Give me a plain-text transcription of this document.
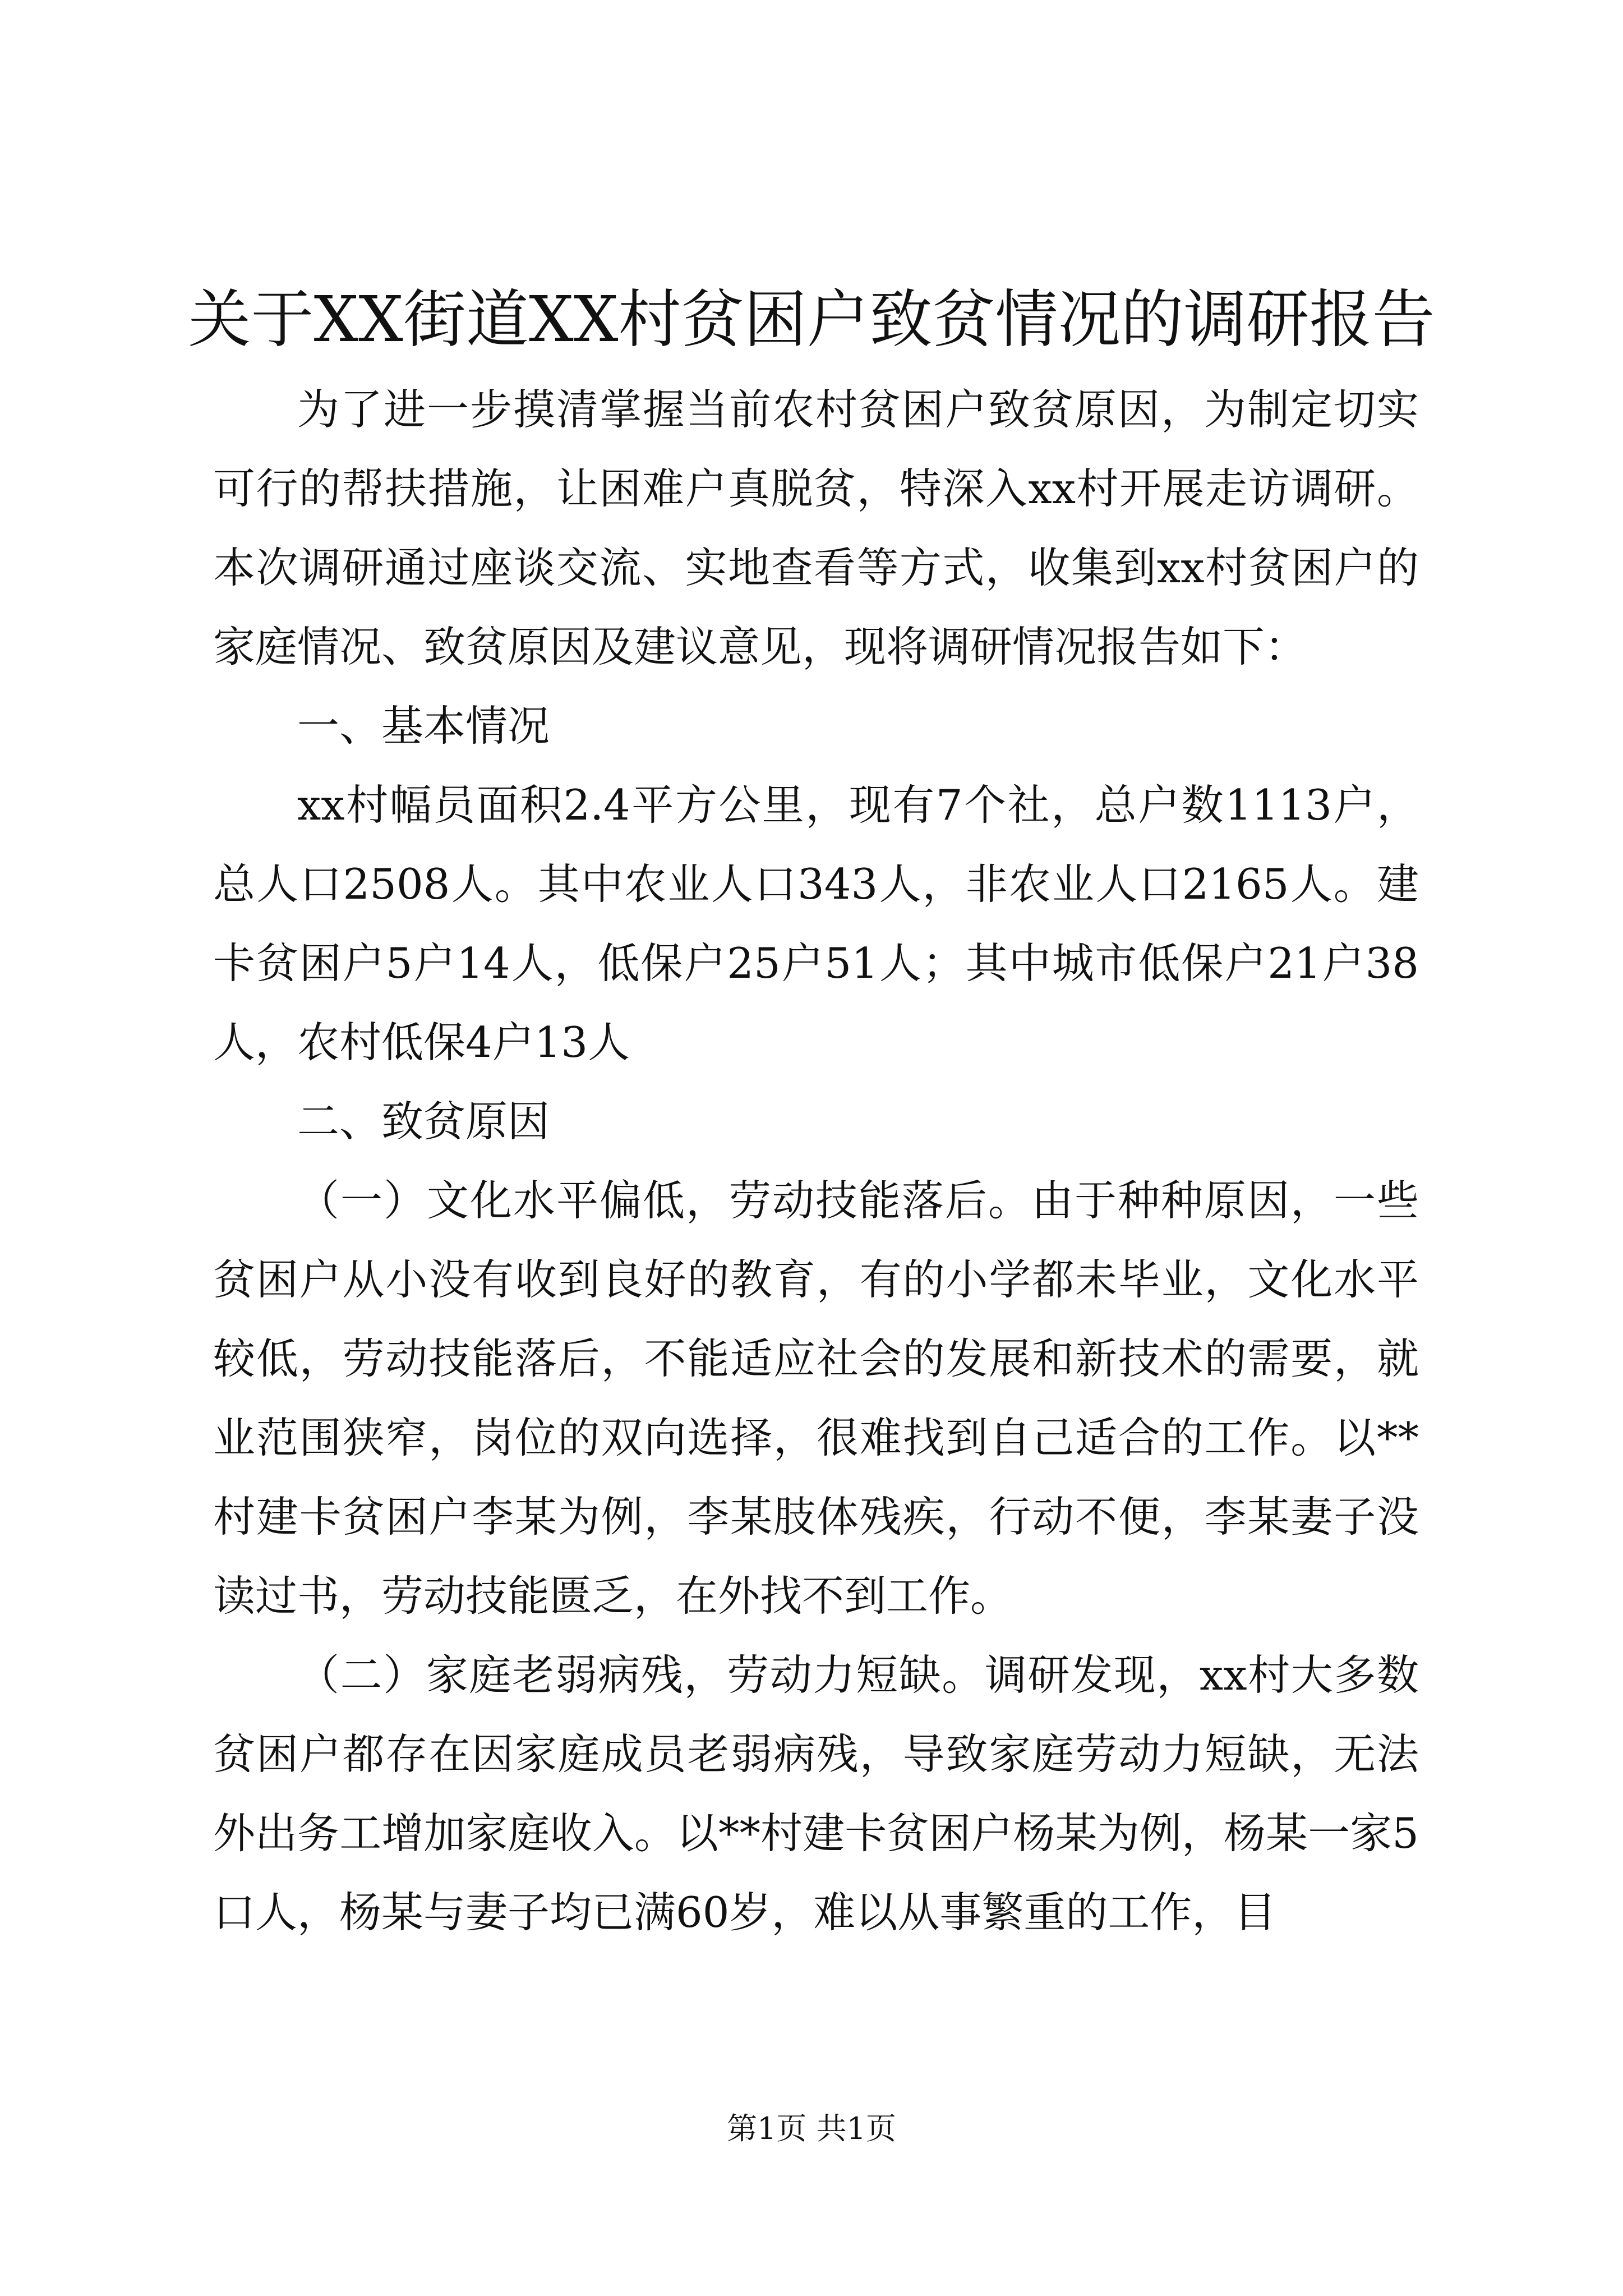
关于XX街道XX村贫困户致贫情况的调研报告

为了进一步摸清掌握当前农村贫困户致贫原因，为制定切实可行的帮扶措施，让困难户真脱贫，特深入xx村开展走访调研。本次调研通过座谈交流、实地查看等方式，收集到xx村贫困户的家庭情况、致贫原因及建议意见，现将调研情况报告如下：

一、基本情况

xx村幅员面积2.4平方公里，现有7个社，总户数1113户，总人口2508人。其中农业人口343人，非农业人口2165人。建卡贫困户5户14人，低保户25户51人；其中城市低保户21户38人，农村低保4户13人

二、致贫原因

（一）文化水平偏低，劳动技能落后。由于种种原因，一些贫困户从小没有收到良好的教育，有的小学都未毕业，文化水平较低，劳动技能落后，不能适应社会的发展和新技术的需要，就业范围狭窄，岗位的双向选择，很难找到自己适合的工作。以**村建卡贫困户李某为例，李某肢体残疾，行动不便，李某妻子没读过书，劳动技能匮乏，在外找不到工作。

（二）家庭老弱病残，劳动力短缺。调研发现，xx村大多数贫困户都存在因家庭成员老弱病残，导致家庭劳动力短缺，无法外出务工增加家庭收入。以**村建卡贫困户杨某为例，杨某一家5口人，杨某与妻子均已满60岁，难以从事繁重的工作，目

第1页 共1页
